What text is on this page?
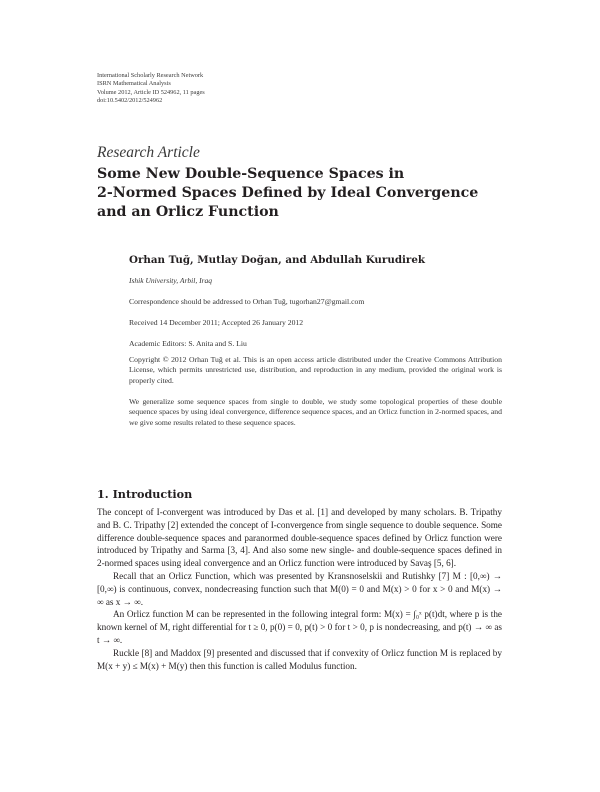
International Scholarly Research Network
ISRN Mathematical Analysis
Volume 2012, Article ID 524962, 11 pages
doi:10.5402/2012/524962
Research Article
Some New Double-Sequence Spaces in
2-Normed Spaces Defined by Ideal Convergence
and an Orlicz Function
Orhan Tuğ, Mutlay Doğan, and Abdullah Kurudirek
Ishik University, Arbil, Iraq
Correspondence should be addressed to Orhan Tuğ, tugorhan27@gmail.com
Received 14 December 2011; Accepted 26 January 2012
Academic Editors: S. Anita and S. Liu
Copyright © 2012 Orhan Tuğ et al. This is an open access article distributed under the Creative Commons Attribution License, which permits unrestricted use, distribution, and reproduction in any medium, provided the original work is properly cited.
We generalize some sequence spaces from single to double, we study some topological properties of these double sequence spaces by using ideal convergence, difference sequence spaces, and an Orlicz function in 2-normed spaces, and we give some results related to these sequence spaces.
1. Introduction

The concept of I-convergent was introduced by Das et al. [1] and developed by many scholars. B. Tripathy and B. C. Tripathy [2] extended the concept of I-convergence from single sequence to double sequence. Some difference double-sequence spaces and paranormed double-sequence spaces defined by Orlicz function were introduced by Tripathy and Sarma [3, 4]. And also some new single- and double-sequence spaces defined in 2-normed spaces using ideal convergence and an Orlicz function were introduced by Savaş [5, 6].

Recall that an Orlicz Function, which was presented by Kransnoselskii and Rutishky [7] M : [0,∞) → [0,∞) is continuous, convex, nondecreasing function such that M(0) = 0 and M(x) > 0 for x > 0 and M(x) → ∞ as x → ∞.

An Orlicz function M can be represented in the following integral form: M(x) = ∫₀ˣ p(t)dt, where p is the known kernel of M, right differential for t ≥ 0, p(0) = 0, p(t) > 0 for t > 0, p is nondecreasing, and p(t) → ∞ as t → ∞.

Ruckle [8] and Maddox [9] presented and discussed that if convexity of Orlicz function M is replaced by M(x + y) ≤ M(x) + M(y) then this function is called Modulus function.
